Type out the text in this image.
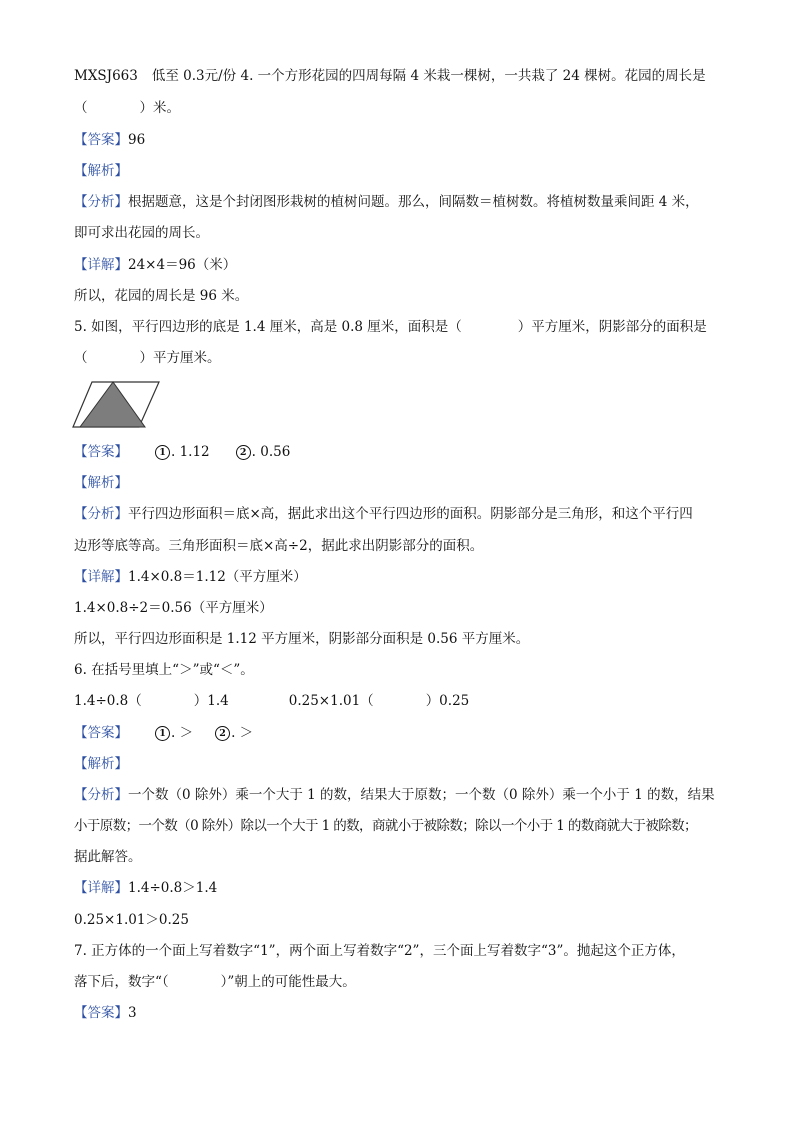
MXSJ663 低至 0.3元/份 4. 一个方形花园的四周每隔 4 米栽一棵树，一共栽了 24 棵树。花园的周长是
（	）米。
【答案】96
【解析】
【分析】根据题意，这是个封闭图形栽树的植树问题。那么，间隔数＝植树数。将植树数量乘间距 4 米，
即可求出花园的周长。
【详解】24×4＝96（米）
所以，花园的周长是 96 米。
5. 如图，平行四边形的底是 1.4 厘米，高是 0.8 厘米，面积是（	）平方厘米，阴影部分的面积是
（	）平方厘米。
【答案】	1 . 1.12	2 . 0.56
【解析】
【分析】平行四边形面积＝底×高，据此求出这个平行四边形的面积。阴影部分是三角形，和这个平行四
边形等底等高。三角形面积＝底×高÷2，据此求出阴影部分的面积。
【详解】1.4×0.8＝1.12（平方厘米）
1.4×0.8÷2＝0.56（平方厘米）
所以，平行四边形面积是 1.12 平方厘米，阴影部分面积是 0.56 平方厘米。
6. 在括号里填上“＞”或“＜”。
1.4÷0.8（	）1.4	0.25×1.01（	）0.25
【答案】	1 . ＞	2 . ＞
【解析】
【分析】一个数（0 除外）乘一个大于 1 的数，结果大于原数；一个数（0 除外）乘一个小于 1 的数，结果
小于原数；一个数（0 除外）除以一个大于 1 的数，商就小于被除数；除以一个小于 1 的数商就大于被除数；
据此解答。
【详解】1.4÷0.8＞1.4
0.25×1.01＞0.25
7. 正方体的一个面上写着数字“1”，两个面上写着数字“2”，三个面上写着数字“3”。抛起这个正方体，
落下后，数字“（	）”朝上的可能性最大。
【答案】3
